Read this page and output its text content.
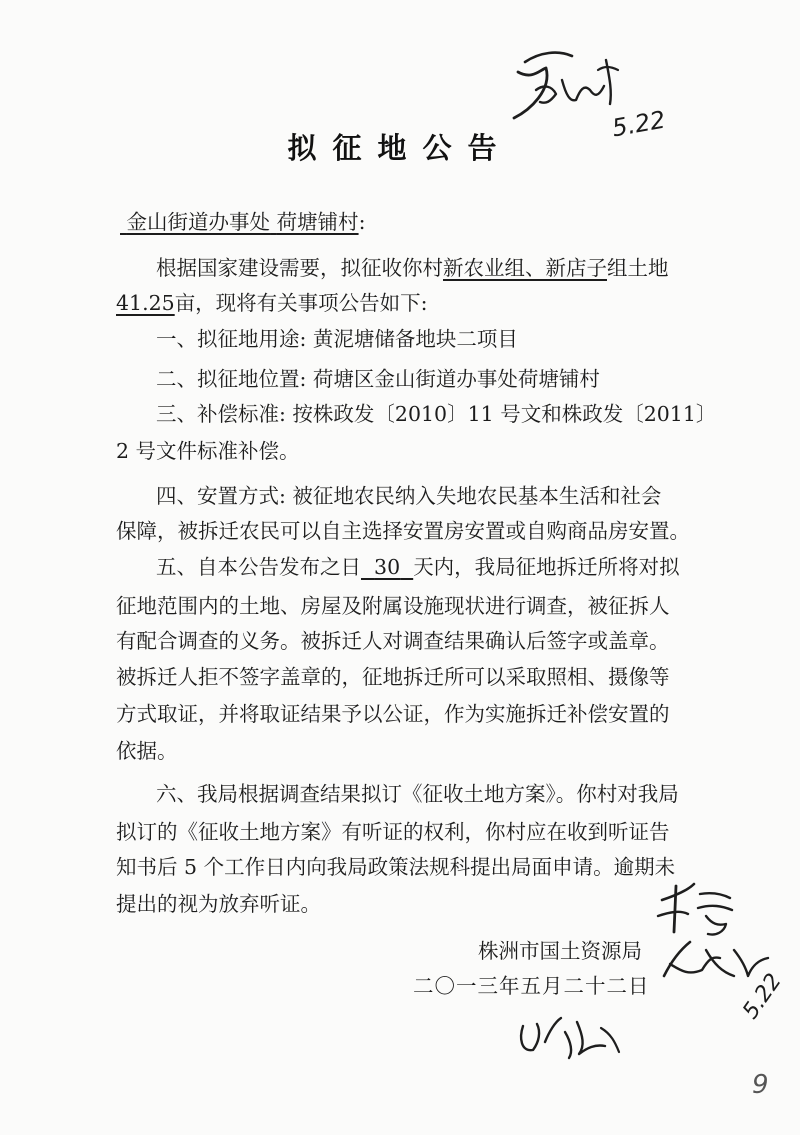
5.22
拟征地公告
金山街道办事处 荷塘铺村:
根据国家建设需要，拟征收你村新农业组、新店子组土地
41.25亩，现将有关事项公告如下:
一、拟征地用途: 黄泥塘储备地块二项目
二、拟征地位置: 荷塘区金山街道办事处荷塘铺村
三、补偿标准: 按株政发〔2010〕11 号文和株政发〔2011〕
2 号文件标准补偿。
四、安置方式: 被征地农民纳入失地农民基本生活和社会
保障，被拆迁农民可以自主选择安置房安置或自购商品房安置。
五、自本公告发布之日 30 天内，我局征地拆迁所将对拟
征地范围内的土地、房屋及附属设施现状进行调查，被征拆人
有配合调查的义务。被拆迁人对调查结果确认后签字或盖章。
被拆迁人拒不签字盖章的，征地拆迁所可以采取照相、摄像等
方式取证，并将取证结果予以公证，作为实施拆迁补偿安置的
依据。
六、我局根据调查结果拟订《征收土地方案》。你村对我局
拟订的《征收土地方案》有听证的权利，你村应在收到听证告
知书后 5 个工作日内向我局政策法规科提出局面申请。逾期未
提出的视为放弃听证。
株洲市国土资源局
二〇一三年五月二十二日	5.22
9
